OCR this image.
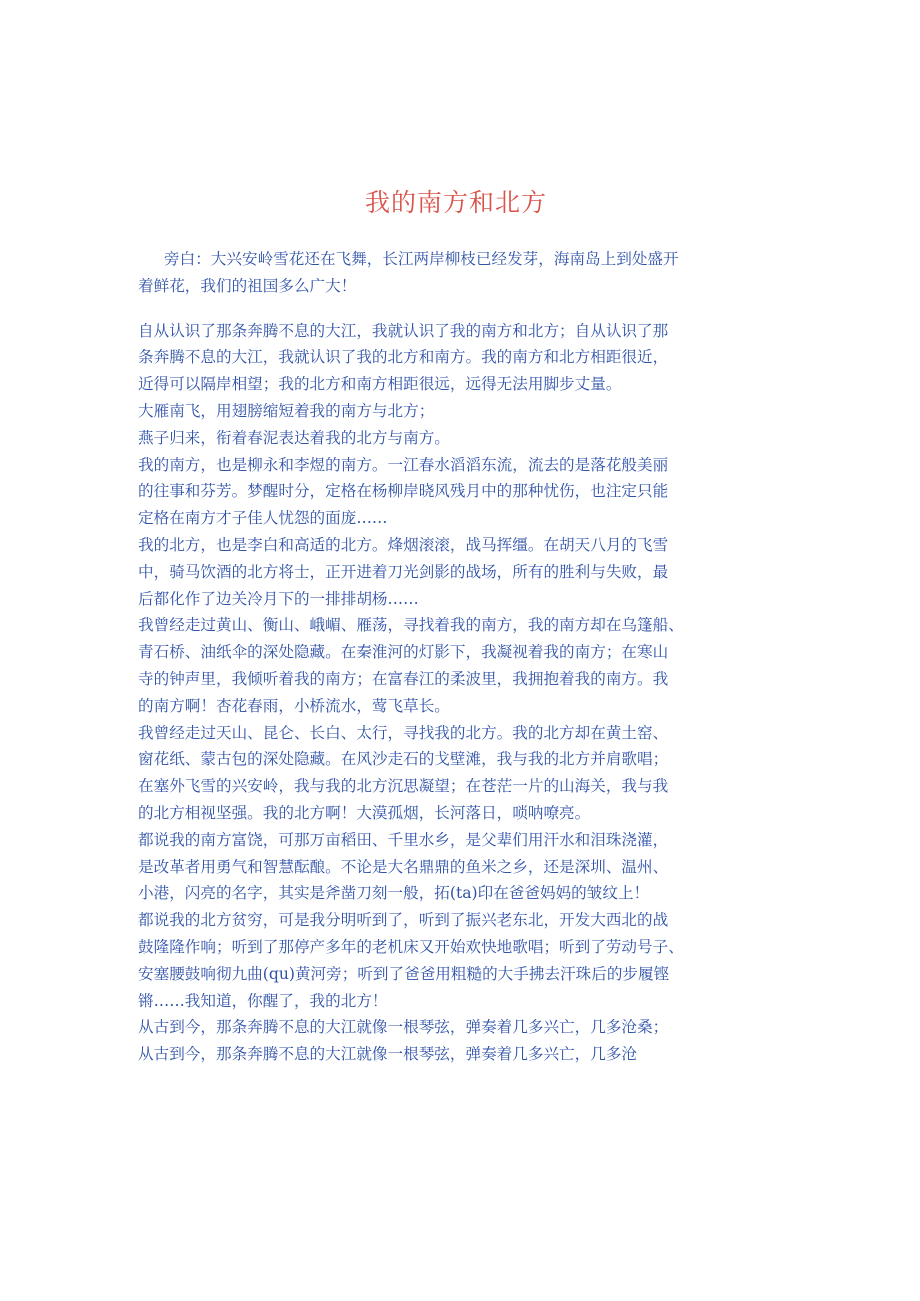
我的南方和北方
旁白：大兴安岭雪花还在飞舞，长江两岸柳枝已经发芽，海南岛上到处盛开
着鲜花，我们的祖国多么广大！
自从认识了那条奔腾不息的大江，我就认识了我的南方和北方；自从认识了那
条奔腾不息的大江，我就认识了我的北方和南方。我的南方和北方相距很近，
近得可以隔岸相望；我的北方和南方相距很远，远得无法用脚步丈量。
大雁南飞，用翅膀缩短着我的南方与北方；
燕子归来，衔着春泥表达着我的北方与南方。
我的南方，也是柳永和李煜的南方。一江春水滔滔东流，流去的是落花般美丽
的往事和芬芳。梦醒时分，定格在杨柳岸晓风残月中的那种忧伤，也注定只能
定格在南方才子佳人忧怨的面庞……
我的北方，也是李白和高适的北方。烽烟滚滚，战马挥缰。在胡天八月的飞雪
中，骑马饮酒的北方将士，正开进着刀光剑影的战场，所有的胜利与失败，最
后都化作了边关冷月下的一排排胡杨……
我曾经走过黄山、衡山、峨嵋、雁荡，寻找着我的南方，我的南方却在乌篷船、
青石桥、油纸伞的深处隐藏。在秦淮河的灯影下，我凝视着我的南方；在寒山
寺的钟声里，我倾听着我的南方；在富春江的柔波里，我拥抱着我的南方。我
的南方啊！杏花春雨，小桥流水，莺飞草长。
我曾经走过天山、昆仑、长白、太行，寻找我的北方。我的北方却在黄土窑、
窗花纸、蒙古包的深处隐藏。在风沙走石的戈壁滩，我与我的北方并肩歌唱；
在塞外飞雪的兴安岭，我与我的北方沉思凝望；在苍茫一片的山海关，我与我
的北方相视坚强。我的北方啊！大漠孤烟，长河落日，唢呐嘹亮。
都说我的南方富饶，可那万亩稻田、千里水乡，是父辈们用汗水和泪珠浇灌，
是改革者用勇气和智慧酝酿。不论是大名鼎鼎的鱼米之乡，还是深圳、温州、
小港，闪亮的名字，其实是斧凿刀刻一般，拓(ta)印在爸爸妈妈的皱纹上！
都说我的北方贫穷，可是我分明听到了，听到了振兴老东北，开发大西北的战
鼓隆隆作响；听到了那停产多年的老机床又开始欢快地歌唱；听到了劳动号子、
安塞腰鼓响彻九曲(qu)黄河旁；听到了爸爸用粗糙的大手拂去汗珠后的步履铿
锵……我知道，你醒了，我的北方！
从古到今，那条奔腾不息的大江就像一根琴弦，弹奏着几多兴亡，几多沧桑；
从古到今，那条奔腾不息的大江就像一根琴弦，弹奏着几多兴亡，几多沧
